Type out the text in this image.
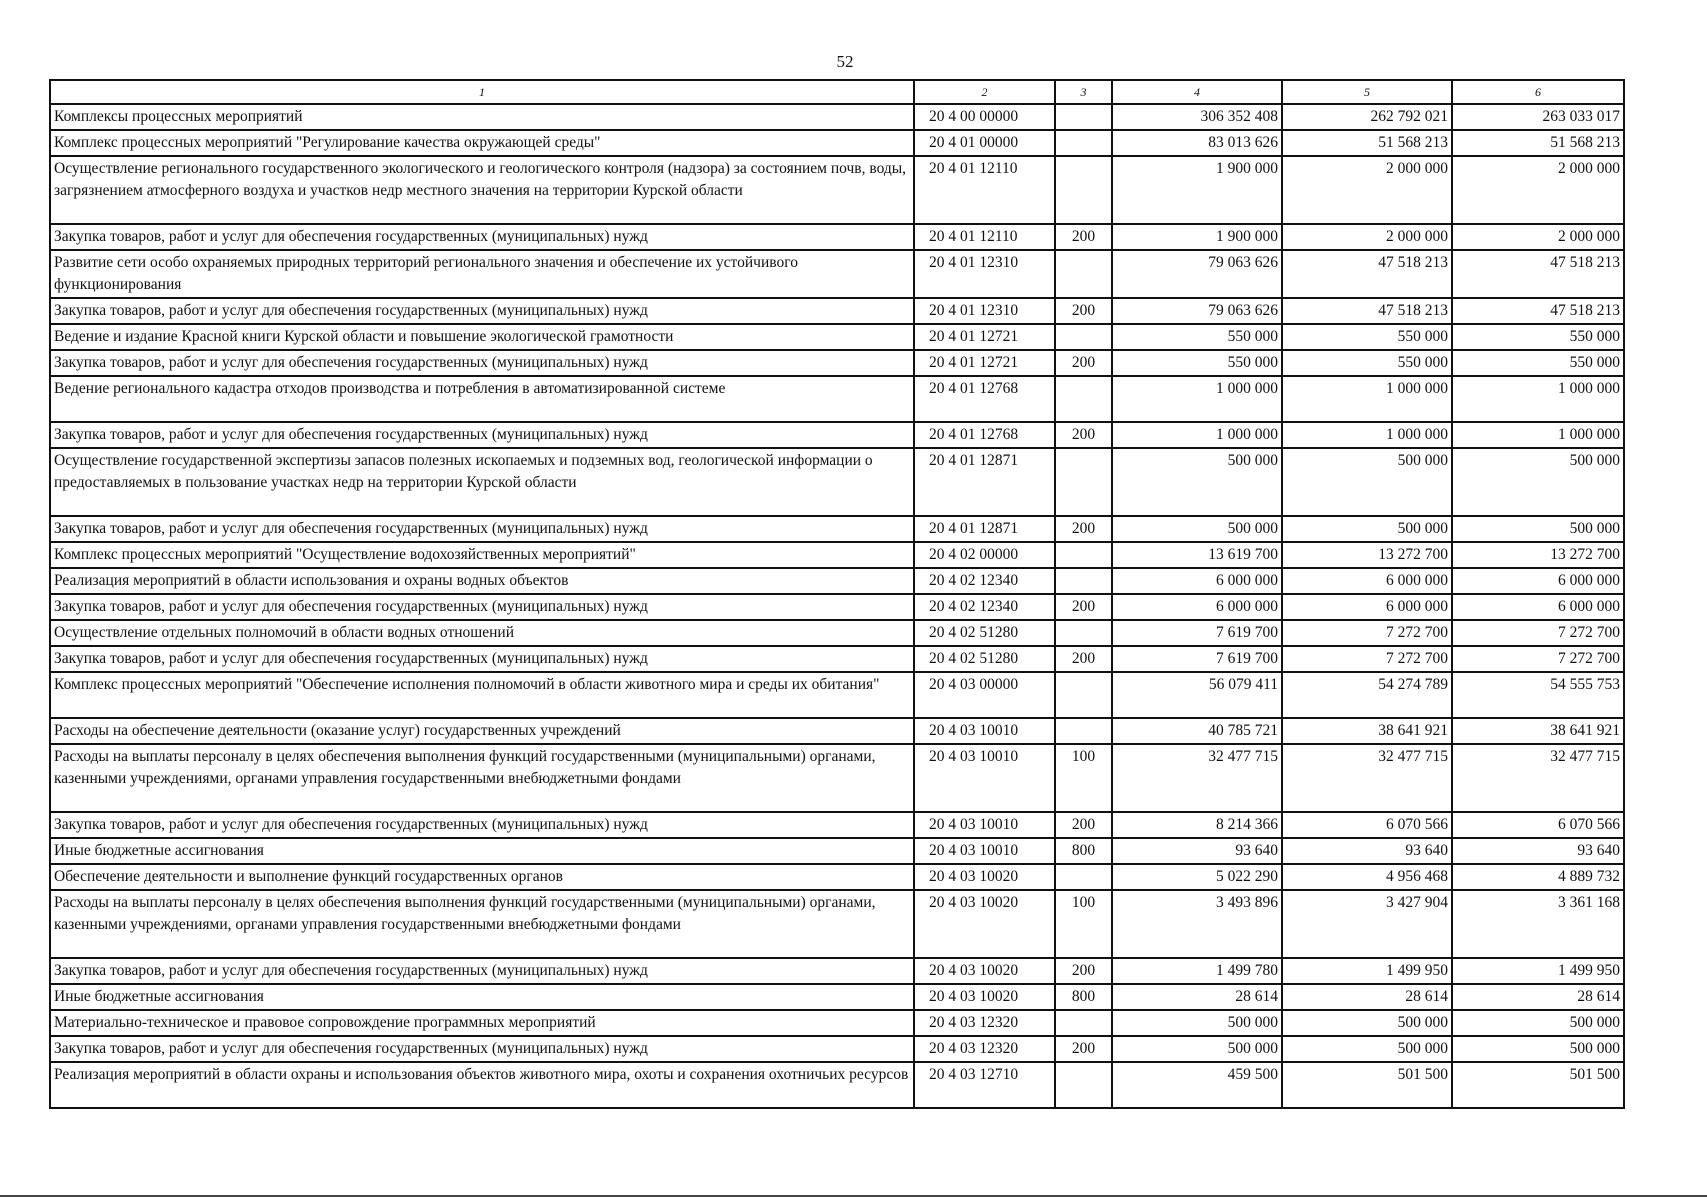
52
1	2	3	4	5	6
Комплексы процессных мероприятий	20 4 00 00000		306 352 408	262 792 021	263 033 017
Комплекс процессных мероприятий "Регулирование качества окружающей среды"	20 4 01 00000		83 013 626	51 568 213	51 568 213
Осуществление регионального государственного экологического и геологического контроля (надзора) за состоянием почв, воды, загрязнением атмосферного воздуха и участков недр местного значения на территории Курской области	20 4 01 12110		1 900 000	2 000 000	2 000 000
Закупка товаров, работ и услуг для обеспечения государственных (муниципальных) нужд	20 4 01 12110	200	1 900 000	2 000 000	2 000 000
Развитие сети особо охраняемых природных территорий регионального значения и обеспечение их устойчивого функционирования	20 4 01 12310		79 063 626	47 518 213	47 518 213
Закупка товаров, работ и услуг для обеспечения государственных (муниципальных) нужд	20 4 01 12310	200	79 063 626	47 518 213	47 518 213
Ведение и издание Красной книги Курской области и повышение экологической грамотности	20 4 01 12721		550 000	550 000	550 000
Закупка товаров, работ и услуг для обеспечения государственных (муниципальных) нужд	20 4 01 12721	200	550 000	550 000	550 000
Ведение регионального кадастра отходов производства и потребления в автоматизированной системе	20 4 01 12768		1 000 000	1 000 000	1 000 000
Закупка товаров, работ и услуг для обеспечения государственных (муниципальных) нужд	20 4 01 12768	200	1 000 000	1 000 000	1 000 000
Осуществление государственной экспертизы запасов полезных ископаемых и подземных вод, геологической информации о предоставляемых в пользование участках недр на территории Курской области	20 4 01 12871		500 000	500 000	500 000
Закупка товаров, работ и услуг для обеспечения государственных (муниципальных) нужд	20 4 01 12871	200	500 000	500 000	500 000
Комплекс процессных мероприятий "Осуществление водохозяйственных мероприятий"	20 4 02 00000		13 619 700	13 272 700	13 272 700
Реализация мероприятий в области использования и охраны водных объектов	20 4 02 12340		6 000 000	6 000 000	6 000 000
Закупка товаров, работ и услуг для обеспечения государственных (муниципальных) нужд	20 4 02 12340	200	6 000 000	6 000 000	6 000 000
Осуществление отдельных полномочий в области водных отношений	20 4 02 51280		7 619 700	7 272 700	7 272 700
Закупка товаров, работ и услуг для обеспечения государственных (муниципальных) нужд	20 4 02 51280	200	7 619 700	7 272 700	7 272 700
Комплекс процессных мероприятий "Обеспечение исполнения полномочий в области животного мира и среды их обитания"	20 4 03 00000		56 079 411	54 274 789	54 555 753
Расходы на обеспечение деятельности (оказание услуг) государственных учреждений	20 4 03 10010		40 785 721	38 641 921	38 641 921
Расходы на выплаты персоналу в целях обеспечения выполнения функций государственными (муниципальными) органами, казенными учреждениями, органами управления государственными внебюджетными фондами	20 4 03 10010	100	32 477 715	32 477 715	32 477 715
Закупка товаров, работ и услуг для обеспечения государственных (муниципальных) нужд	20 4 03 10010	200	8 214 366	6 070 566	6 070 566
Иные бюджетные ассигнования	20 4 03 10010	800	93 640	93 640	93 640
Обеспечение деятельности и выполнение функций государственных органов	20 4 03 10020		5 022 290	4 956 468	4 889 732
Расходы на выплаты персоналу в целях обеспечения выполнения функций государственными (муниципальными) органами, казенными учреждениями, органами управления государственными внебюджетными фондами	20 4 03 10020	100	3 493 896	3 427 904	3 361 168
Закупка товаров, работ и услуг для обеспечения государственных (муниципальных) нужд	20 4 03 10020	200	1 499 780	1 499 950	1 499 950
Иные бюджетные ассигнования	20 4 03 10020	800	28 614	28 614	28 614
Материально-техническое и правовое сопровождение программных мероприятий	20 4 03 12320		500 000	500 000	500 000
Закупка товаров, работ и услуг для обеспечения государственных (муниципальных) нужд	20 4 03 12320	200	500 000	500 000	500 000
Реализация мероприятий в области охраны и использования объектов животного мира, охоты и сохранения охотничьих ресурсов	20 4 03 12710		459 500	501 500	501 500
